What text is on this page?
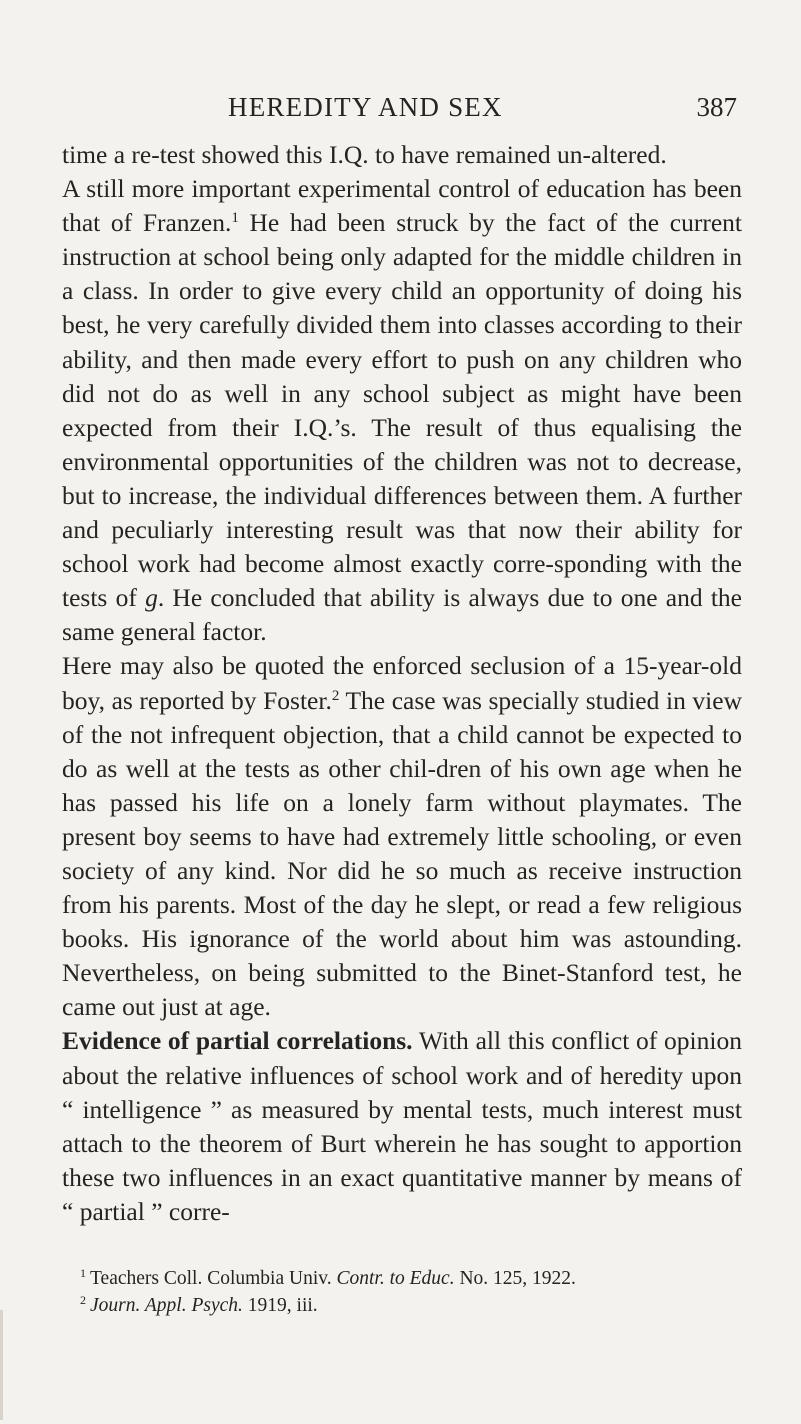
HEREDITY AND SEX	387

time a re-test showed this I.Q. to have remained un-altered.

A still more important experimental control of education has been that of Franzen.$^1$ He had been struck by the fact of the current instruction at school being only adapted for the middle children in a class. In order to give every child an opportunity of doing his best, he very carefully divided them into classes according to their ability, and then made every effort to push on any children who did not do as well in any school subject as might have been expected from their I.Q.’s. The result of thus equalising the environmental opportunities of the children was not to decrease, but to increase, the individual differences between them. A further and peculiarly interesting result was that now their ability for school work had become almost exactly corre-sponding with the tests of g. He concluded that ability is always due to one and the same general factor.

Here may also be quoted the enforced seclusion of a 15-year-old boy, as reported by Foster.$^2$ The case was specially studied in view of the not infrequent objection, that a child cannot be expected to do as well at the tests as other chil-dren of his own age when he has passed his life on a lonely farm without playmates. The present boy seems to have had extremely little schooling, or even society of any kind. Nor did he so much as receive instruction from his parents. Most of the day he slept, or read a few religious books. His ignorance of the world about him was astounding. Nevertheless, on being submitted to the Binet-Stanford test, he came out just at age.

Evidence of partial correlations. With all this conflict of opinion about the relative influences of school work and of heredity upon “ intelligence ” as measured by mental tests, much interest must attach to the theorem of Burt wherein he has sought to apportion these two influences in an exact quantitative manner by means of “ partial ” corre-

$^1$ Teachers Coll. Columbia Univ. Contr. to Educ. No. 125, 1922.

$^2$ Journ. Appl. Psych. 1919, iii.
